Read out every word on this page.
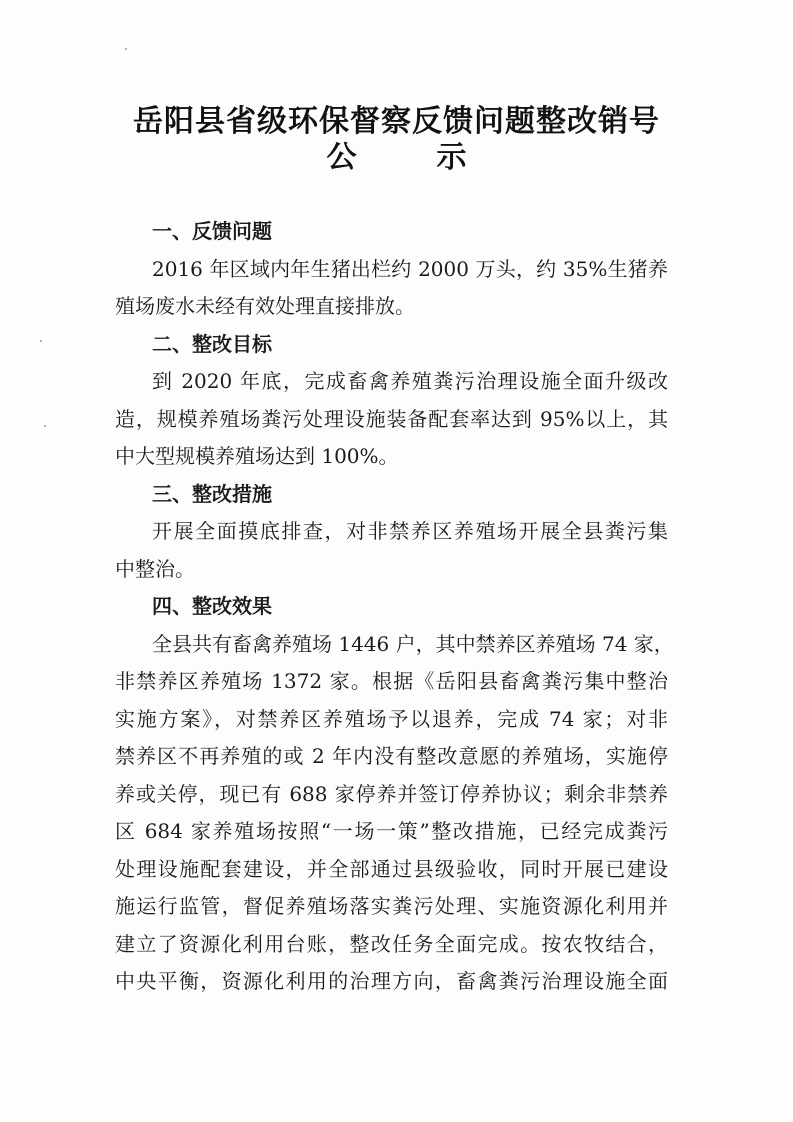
岳阳县省级环保督察反馈问题整改销号
公	示
一、反馈问题
2016 年区域内年生猪出栏约 2000 万头，约 35%生猪养
殖场废水未经有效处理直接排放。
二、整改目标
到 2020 年底，完成畜禽养殖粪污治理设施全面升级改
造，规模养殖场粪污处理设施装备配套率达到 95%以上，其
中大型规模养殖场达到 100%。
三、整改措施
开展全面摸底排查，对非禁养区养殖场开展全县粪污集
中整治。
四、整改效果
全县共有畜禽养殖场 1446 户，其中禁养区养殖场 74 家，
非禁养区养殖场 1372 家。根据《岳阳县畜禽粪污集中整治
实施方案》，对禁养区养殖场予以退养，完成 74 家；对非
禁养区不再养殖的或 2 年内没有整改意愿的养殖场，实施停
养或关停，现已有 688 家停养并签订停养协议；剩余非禁养
区 684 家养殖场按照“一场一策”整改措施，已经完成粪污
处理设施配套建设，并全部通过县级验收，同时开展已建设
施运行监管，督促养殖场落实粪污处理、实施资源化利用并
建立了资源化利用台账，整改任务全面完成。按农牧结合，
中央平衡，资源化利用的治理方向，畜禽粪污治理设施全面
